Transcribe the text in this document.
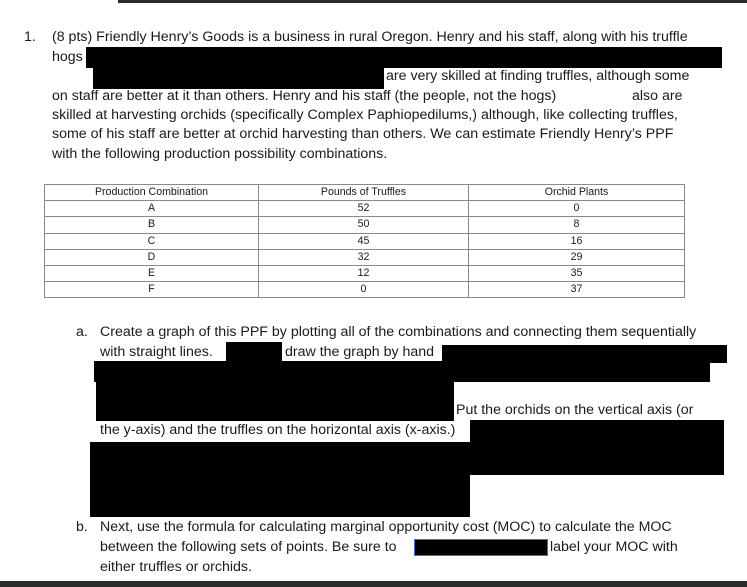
1. (8 pts) Friendly Henry’s Goods is a business in rural Oregon. Henry and his staff, along with his truffle
hogs
are very skilled at finding truffles, although some
on staff are better at it than others. Henry and his staff (the people, not the hogs)	also are
skilled at harvesting orchids (specifically Complex Paphiopedilums,) although, like collecting truffles,
some of his staff are better at orchid harvesting than others. We can estimate Friendly Henry’s PPF
with the following production possibility combinations.
Production Combination	Pounds of Truffles	Orchid Plants
A	52	0
B	50	8
C	45	16
D	32	29
E	12	35
F	0	37
a. Create a graph of this PPF by plotting all of the combinations and connecting them sequentially
with straight lines.	draw the graph by hand
Put the orchids on the vertical axis (or
the y-axis) and the truffles on the horizontal axis (x-axis.)
b. Next, use the formula for calculating marginal opportunity cost (MOC) to calculate the MOC
between the following sets of points. Be sure to	label your MOC with
either truffles or orchids.
